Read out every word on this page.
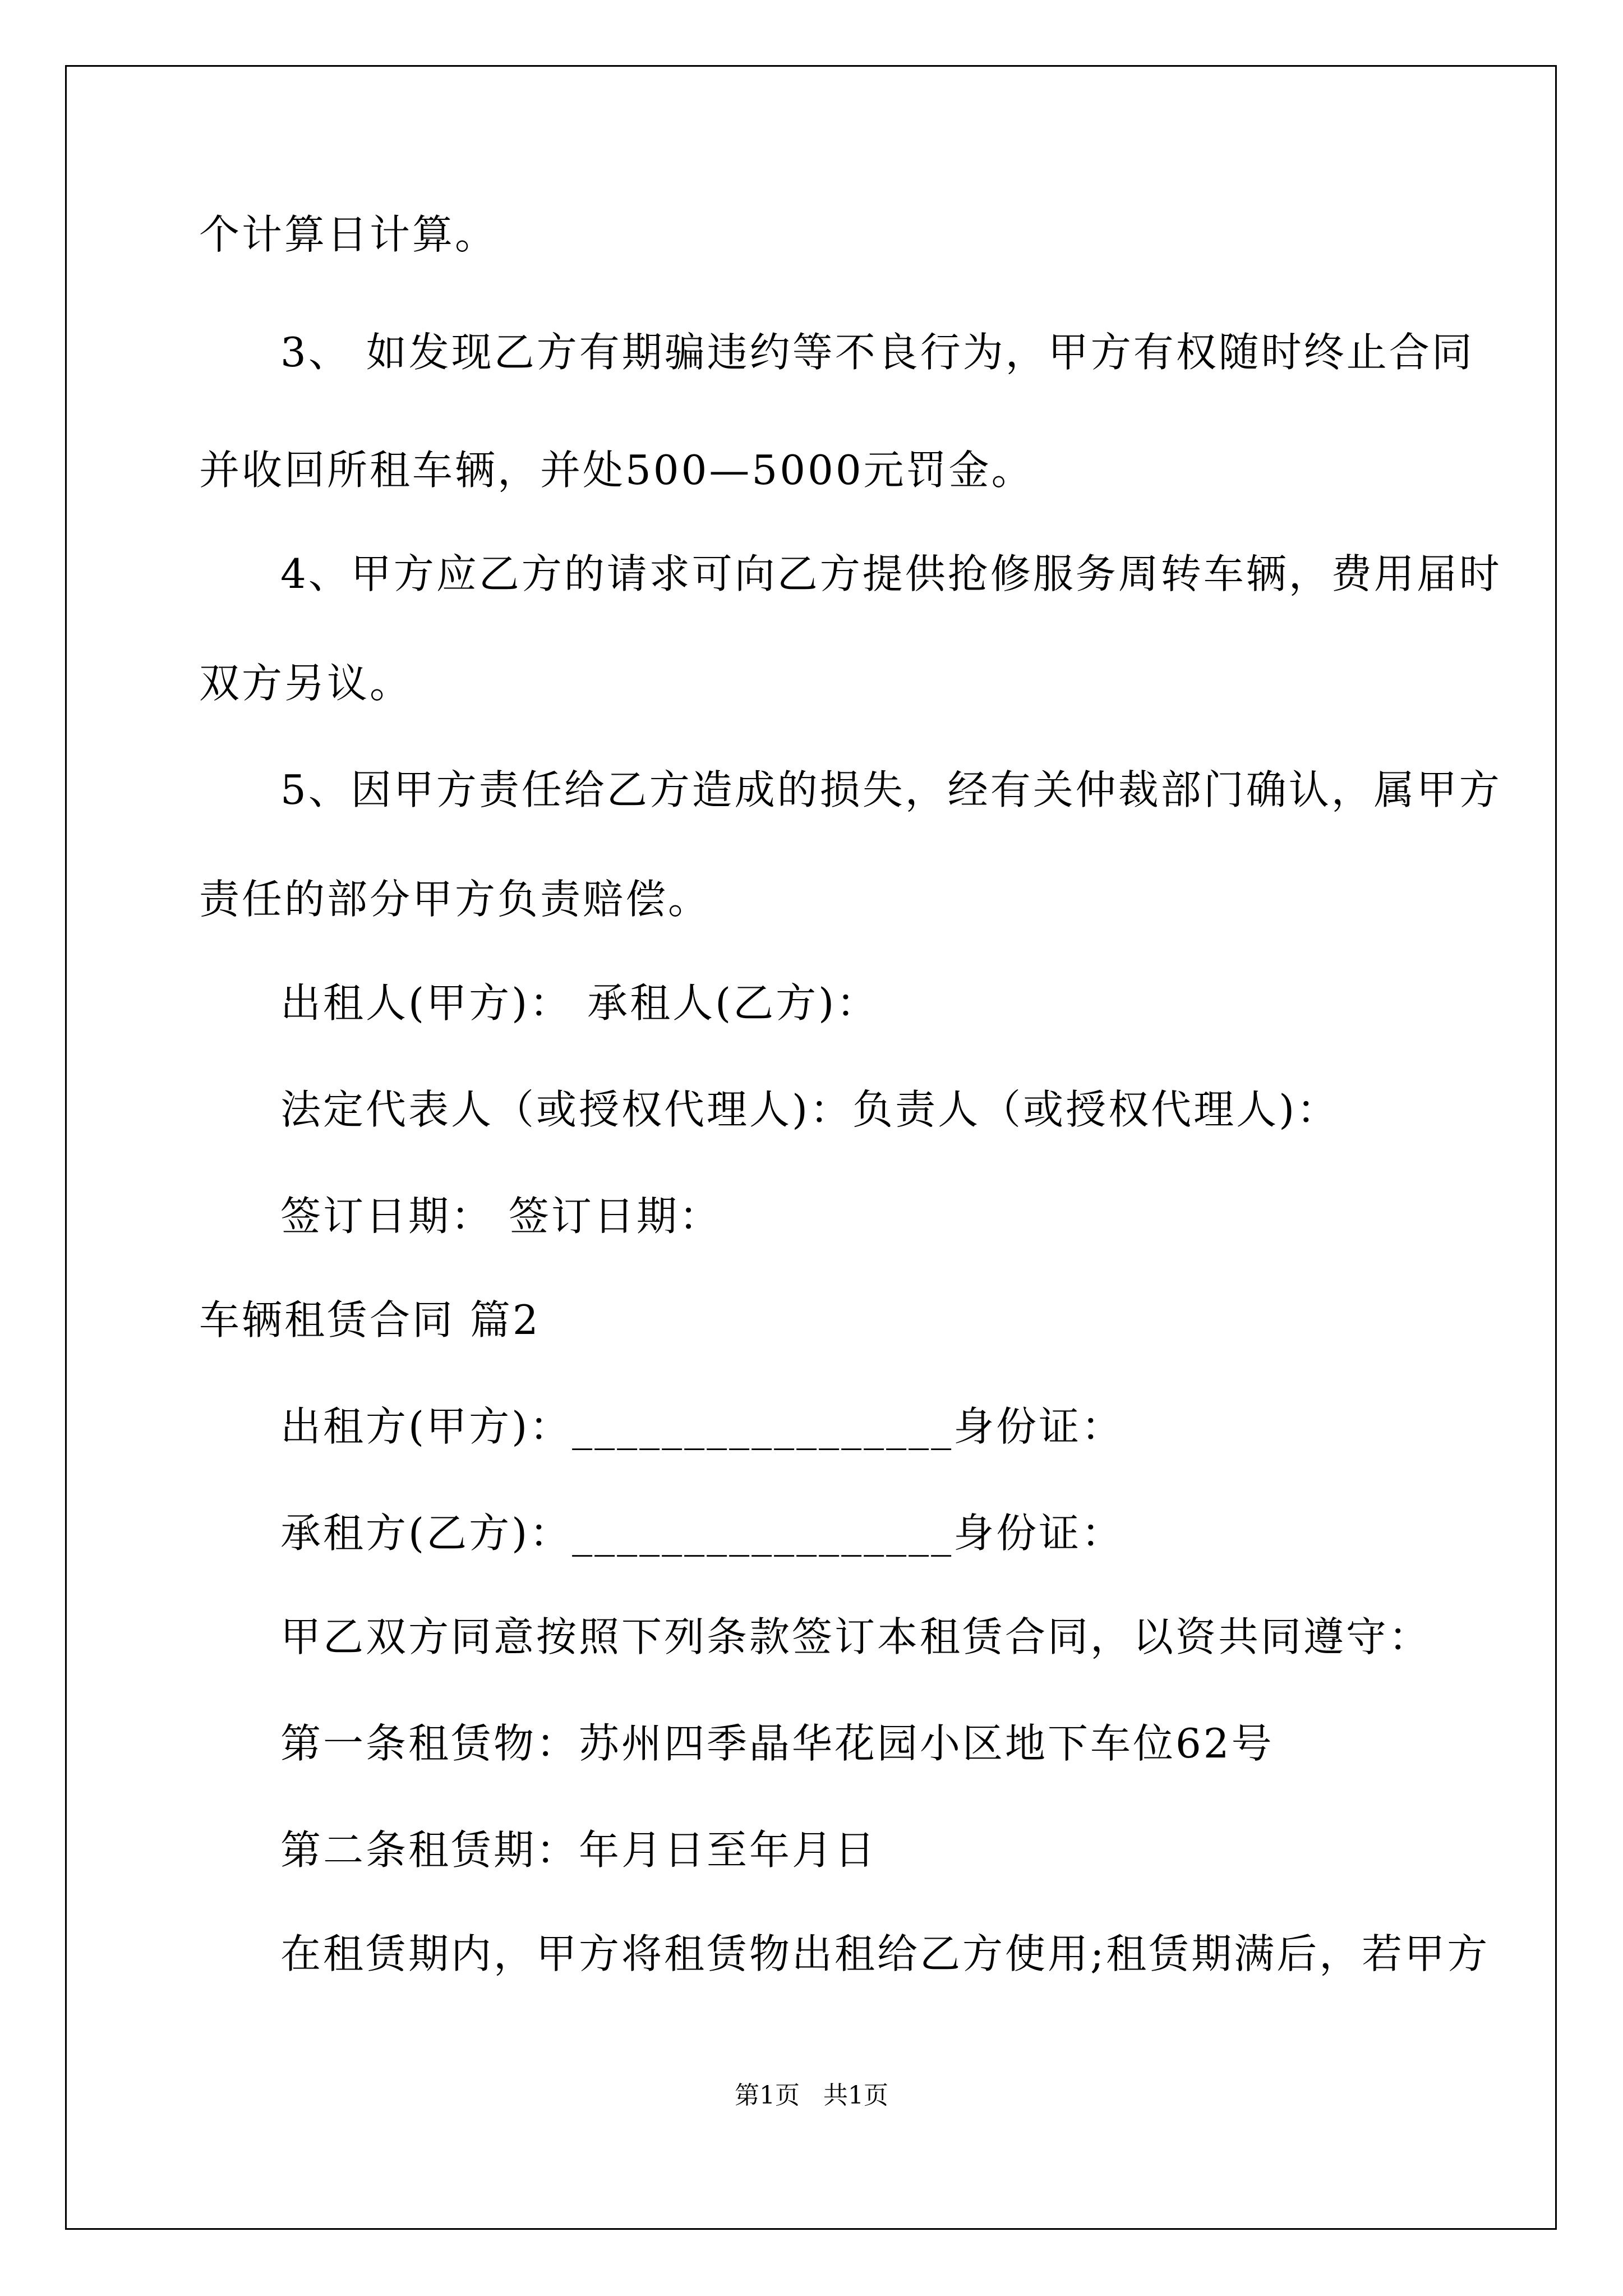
个计算日计算。
3、 如发现乙方有期骗违约等不良行为，甲方有权随时终止合同
并收回所租车辆，并处500—5000元罚金。
4、甲方应乙方的请求可向乙方提供抢修服务周转车辆，费用届时
双方另议。
5、因甲方责任给乙方造成的损失，经有关仲裁部门确认，属甲方
责任的部分甲方负责赔偿。
出租人(甲方)： 承租人(乙方)：
法定代表人（或授权代理人)：负责人（或授权代理人)：
签订日期： 签订日期：
车辆租赁合同 篇2
出租方(甲方)：_________________身份证：
承租方(乙方)：_________________身份证：
甲乙双方同意按照下列条款签订本租赁合同，以资共同遵守：
第一条租赁物：苏州四季晶华花园小区地下车位62号
第二条租赁期：年月日至年月日
在租赁期内，甲方将租赁物出租给乙方使用;租赁期满后，若甲方
第1页   共1页
